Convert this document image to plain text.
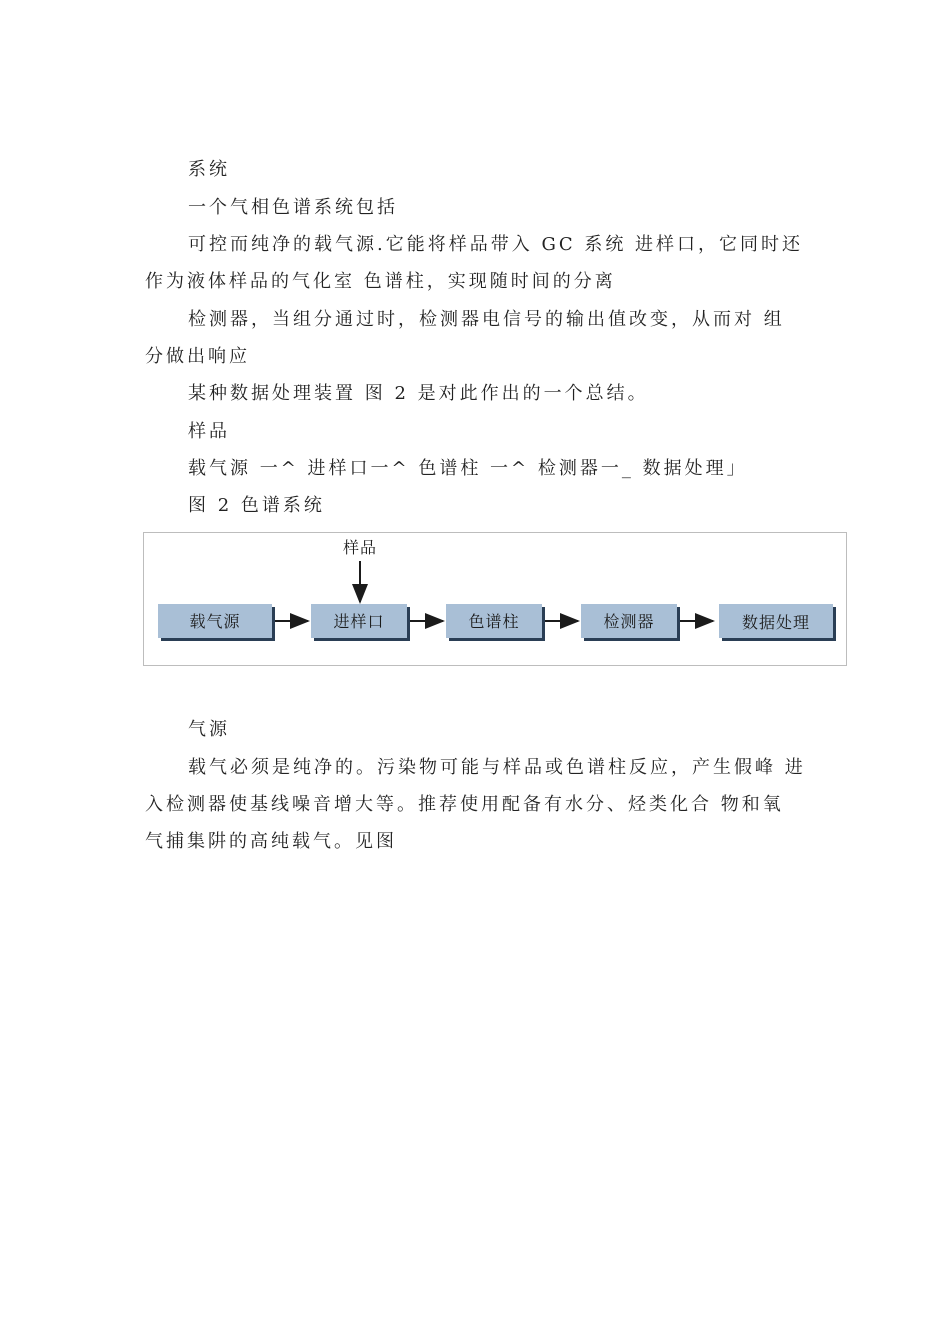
系统
一个气相色谱系统包括
可控而纯净的载气源.它能将样品带入 GC 系统 进样口，它同时还
作为液体样品的气化室 色谱柱，实现随时间的分离
检测器，当组分通过时，检测器电信号的输出值改变，从而对 组
分做出响应
某种数据处理装置 图 2 是对此作出的一个总结。
样品
载气源 一^ 进样口一^ 色谱柱 一^ 检测器一_ 数据处理」
图 2 色谱系统
样品
载气源	进样口	色谱柱	检测器	数据处理
气源
载气必须是纯净的。污染物可能与样品或色谱柱反应，产生假峰 进
入检测器使基线噪音增大等。推荐使用配备有水分、烃类化合 物和氧
气捕集阱的高纯载气。见图
